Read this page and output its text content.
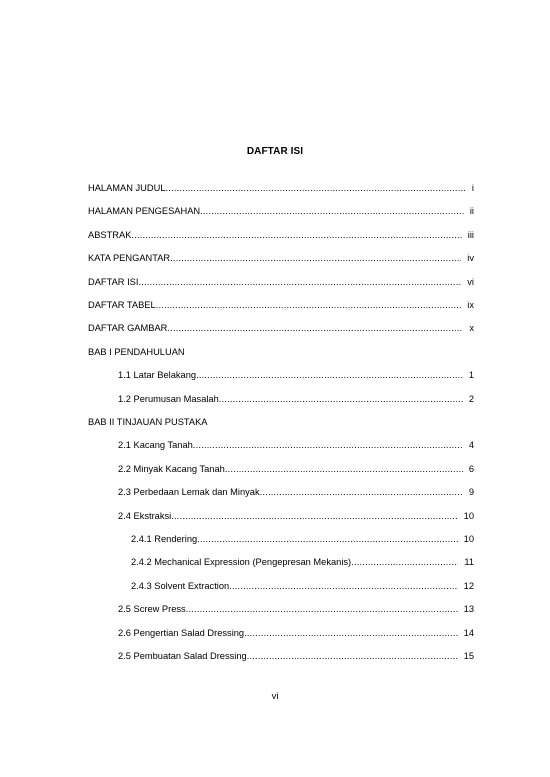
DAFTAR ISI
HALAMAN JUDUL .....	i
HALAMAN PENGESAHAN .....	ii
ABSTRAK .....	iii
KATA PENGANTAR .....	iv
DAFTAR ISI .....	vi
DAFTAR TABEL .....	ix
DAFTAR GAMBAR .....	x
BAB I PENDAHULUAN
1.1 Latar Belakang .....	1
1.2 Perumusan Masalah .....	2
BAB II TINJAUAN PUSTAKA
2.1 Kacang Tanah .....	4
2.2 Minyak Kacang Tanah .....	6
2.3 Perbedaan Lemak dan Minyak .....	9
2.4 Ekstraksi .....	10
2.4.1 Rendering .....	10
2.4.2 Mechanical Expression (Pengepresan Mekanis) .....	11
2.4.3 Solvent Extraction .....	12
2.5 Screw Press .....	13
2.6 Pengertian Salad Dressing .....	14
2.5 Pembuatan Salad Dressing .....	15
vi
